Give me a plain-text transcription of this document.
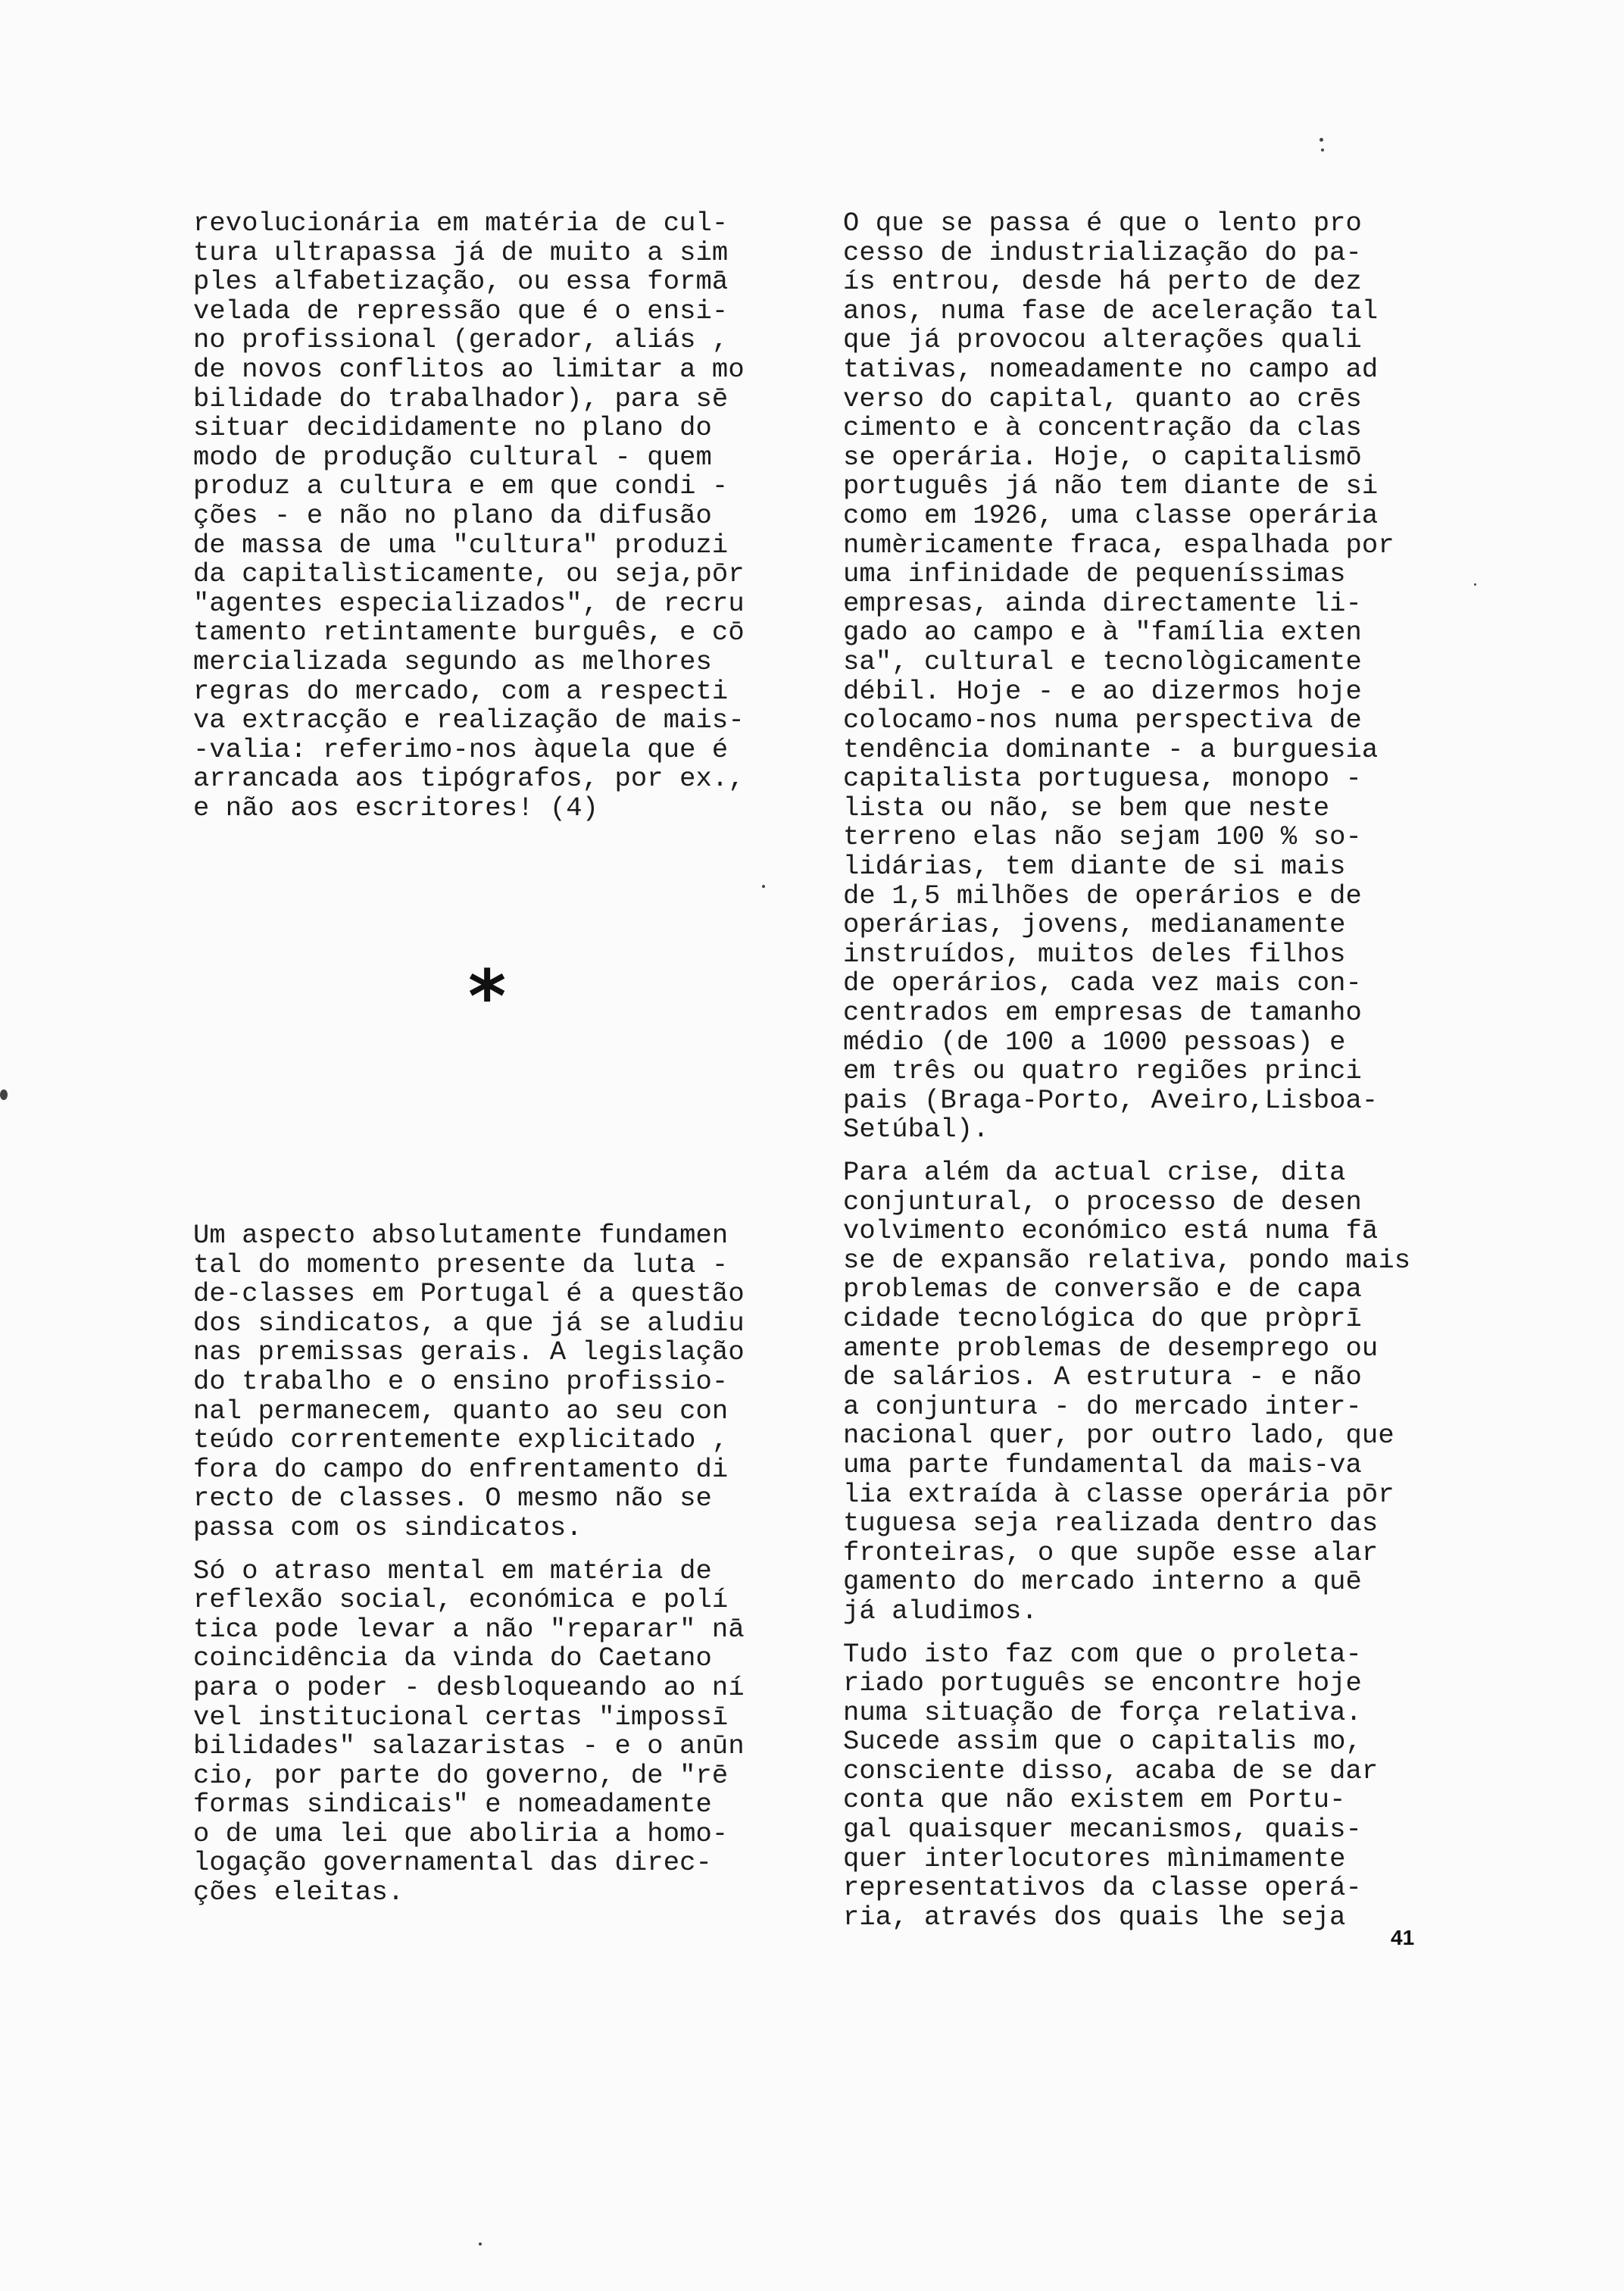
revolucionária em matéria de cul-

tura ultrapassa já de muito a sim

ples alfabetização, ou essa formā

velada de repressão que é o ensi-

no profissional (gerador, aliás ,

de novos conflitos ao limitar a mo

bilidade do trabalhador), para sē

situar decididamente no plano do

modo de produção cultural - quem

produz a cultura e em que condi -

ções - e não no plano da difusão

de massa de uma "cultura" produzi

da capitalìsticamente, ou seja,pōr

"agentes especializados", de recru

tamento retintamente burguês, e cō

mercializada segundo as melhores

regras do mercado, com a respecti

va extracção e realização de mais-

-valia: referimo-nos àquela que é

arrancada aos tipógrafos, por ex.,

e não aos escritores! (4)

*

Um aspecto absolutamente fundamen

tal do momento presente da luta -

de-classes em Portugal é a questão

dos sindicatos, a que já se aludiu

nas premissas gerais. A legislação

do trabalho e o ensino profissio-

nal permanecem, quanto ao seu con

teúdo correntemente explicitado ,

fora do campo do enfrentamento di

recto de classes. O mesmo não se

passa com os sindicatos.

Só o atraso mental em matéria de

reflexão social, económica e polí

tica pode levar a não "reparar" nā

coincidência da vinda do Caetano

para o poder - desbloqueando ao ní

vel institucional certas "impossī

bilidades" salazaristas - e o anūn

cio, por parte do governo, de "rē

formas sindicais" e nomeadamente

o de uma lei que aboliria a homo-

logação governamental das direc-

ções eleitas.

O que se passa é que o lento pro

cesso de industrialização do pa-

ís entrou, desde há perto de dez

anos, numa fase de aceleração tal

que já provocou alterações quali

tativas, nomeadamente no campo ad

verso do capital, quanto ao crēs

cimento e à concentração da clas

se operária. Hoje, o capitalismō

português já não tem diante de si

como em 1926, uma classe operária

numèricamente fraca, espalhada por

uma infinidade de pequeníssimas

empresas, ainda directamente li-

gado ao campo e à "família exten

sa", cultural e tecnològicamente

débil. Hoje - e ao dizermos hoje

colocamo-nos numa perspectiva de

tendência dominante - a burguesia

capitalista portuguesa, monopo -

lista ou não, se bem que neste

terreno elas não sejam 100 % so-

lidárias, tem diante de si mais

de 1,5 milhões de operários e de

operárias, jovens, medianamente

instruídos, muitos deles filhos

de operários, cada vez mais con-

centrados em empresas de tamanho

médio (de 100 a 1000 pessoas) e

em três ou quatro regiões princi

pais (Braga-Porto, Aveiro,Lisboa-

Setúbal).

Para além da actual crise, dita

conjuntural, o processo de desen

volvimento económico está numa fā

se de expansão relativa, pondo mais

problemas de conversão e de capa

cidade tecnológica do que pròprī

amente problemas de desemprego ou

de salários. A estrutura - e não

a conjuntura - do mercado inter-

nacional quer, por outro lado, que

uma parte fundamental da mais-va

lia extraída à classe operária pōr

tuguesa seja realizada dentro das

fronteiras, o que supõe esse alar

gamento do mercado interno a quē

já aludimos.

Tudo isto faz com que o proleta-

riado português se encontre hoje

numa situação de força relativa.

Sucede assim que o capitalis mo,

consciente disso, acaba de se dar

conta que não existem em Portu-

gal quaisquer mecanismos, quais-

quer interlocutores mìnimamente

representativos da classe operá-

ria, através dos quais lhe seja

41
